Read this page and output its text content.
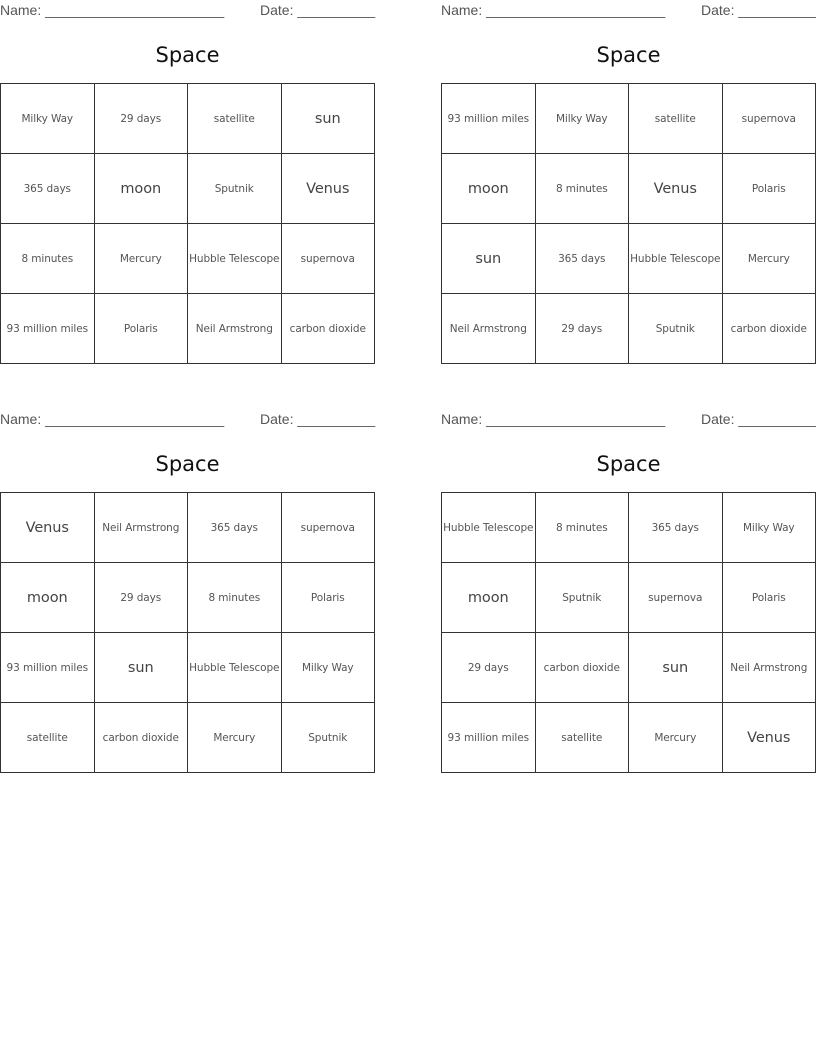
Name: _______________________	Date: __________
Space
Milky Way	29 days	satellite	sun
365 days	moon	Sputnik	Venus
8 minutes	Mercury	Hubble Telescope	supernova
93 million miles	Polaris	Neil Armstrong	carbon dioxide
Name: _______________________	Date: __________
Space
93 million miles	Milky Way	satellite	supernova
moon	8 minutes	Venus	Polaris
sun	365 days	Hubble Telescope	Mercury
Neil Armstrong	29 days	Sputnik	carbon dioxide
Name: _______________________	Date: __________
Space
Venus	Neil Armstrong	365 days	supernova
moon	29 days	8 minutes	Polaris
93 million miles	sun	Hubble Telescope	Milky Way
satellite	carbon dioxide	Mercury	Sputnik
Name: _______________________	Date: __________
Space
Hubble Telescope	8 minutes	365 days	Milky Way
moon	Sputnik	supernova	Polaris
29 days	carbon dioxide	sun	Neil Armstrong
93 million miles	satellite	Mercury	Venus
